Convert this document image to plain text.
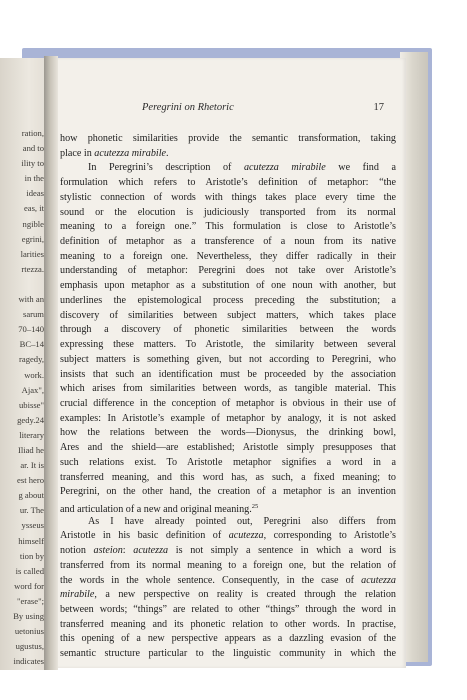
ration,
and to
ility to
in the
ideas
eas, it
ngible
egrini,
larities
rtezza.
with an
sarum
70–140
BC–14
ragedy,
work.
Ajax",
ubisse"
gedy.24
literary
Iliad he
ar. It is
est hero
g about
ur. The
ysseus
himself
tion by
is called
word for
"erase";
By using
uetonius
ugustus,
indicates
Peregrini on Rhetoric	17
how phonetic similarities provide the semantic transformation, taking
place in acutezza mirabile.
In Peregrini’s description of acutezza mirabile we find a
formulation which refers to Aristotle’s definition of metaphor: “the
stylistic connection of words with things takes place every time the
sound or the elocution is judiciously transported from its normal
meaning to a foreign one.” This formulation is close to Aristotle’s
definition of metaphor as a transference of a noun from its native
meaning to a foreign one. Nevertheless, they differ radically in their
understanding of metaphor: Peregrini does not take over Aristotle’s
emphasis upon metaphor as a substitution of one noun with another, but
underlines the epistemological process preceding the substitution; a
discovery of similarities between subject matters, which takes place
through a discovery of phonetic similarities between the words
expressing these matters. To Aristotle, the similarity between several
subject matters is something given, but not according to Peregrini, who
insists that such an identification must be proceeded by the association
which arises from similarities between words, as tangible material. This
crucial difference in the conception of metaphor is obvious in their use of
examples: In Aristotle’s example of metaphor by analogy, it is not asked
how the relations between the words—Dionysus, the drinking bowl,
Ares and the shield—are established; Aristotle simply presupposes that
such relations exist. To Aristotle metaphor signifies a word in a
transferred meaning, and this word has, as such, a fixed meaning; to
Peregrini, on the other hand, the creation of a metaphor is an invention
and articulation of a new and original meaning.$^{25}$
As I have already pointed out, Peregrini also differs from
Aristotle in his basic definition of acutezza, corresponding to Aristotle’s
notion asteion: acutezza is not simply a sentence in which a word is
transferred from its normal meaning to a foreign one, but the relation of
the words in the whole sentence. Consequently, in the case of acutezza
mirabile, a new perspective on reality is created through the relation
between words; “things” are related to other “things” through the word in
transferred meaning and its phonetic relation to other words. In practise,
this opening of a new perspective appears as a dazzling evasion of the
semantic structure particular to the linguistic community in which the
